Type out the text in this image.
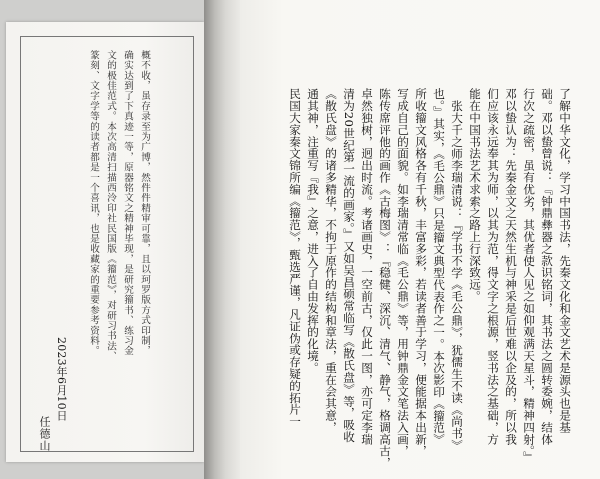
概不收，虽存录至为广博，然件件精审可靠，且以珂罗版方式印制，
确实达到了下真迹一等，原器铭文之精神毕现，是研究籀书、练习金
文的极佳范式。本次高清扫描西泠印社民国版《籀范》，对研习书法、
篆刻、文字学等的读者都是一个喜讯，也是收藏家的重要参考资料。
2023年6月10日
任德山
了解中华文化，学习中国书法，先秦文化和金文艺术是源头也是基
础。邓以蛰曾说：『钟鼎彝器之款识铭词，其书法之圆转委婉，结体
行次之疏密，虽有优劣，其优者使人见之如仰观满天星斗，精神四射。』
邓以蛰认为：先秦金文之天然生机与神采是后世难以企及的，所以我
们应该永远奉其为师，以其为范，得文字之根源，竖书法之基础，方
能在中国书法艺术求索之路上行深致远。
张大千之师李瑞清说：『学书不学《毛公鼎》，犹儒生不读《尚书》
也。』其实，《毛公鼎》只是籀文典型代表作之一。本次影印《籀范》
所收籀文风格各有千秋，丰富多彩，若读者善于学习，便能据本出新，
写成自己的面貌。如李瑞清常临《毛公鼎》等，用钟鼎金文笔法入画，
陈传席评他的画作《古梅图》：『稳健、深沉、清气、静气，格调高古，
卓然独树，迥出时流。考诸画史，一空前古，仅此一图，亦可定李瑞
清为20世纪第一流的画家。』又如吴昌硕常临写《散氏盘》等，吸收
《散氏盘》的诸多精华，不拘于原作的结构和章法，重在会其意，
通其神，注重写『我』之意，进入了自由发挥的化境。
民国大家秦文锦所编《籀范》，甄选严谨，凡证伪或存疑的拓片一
